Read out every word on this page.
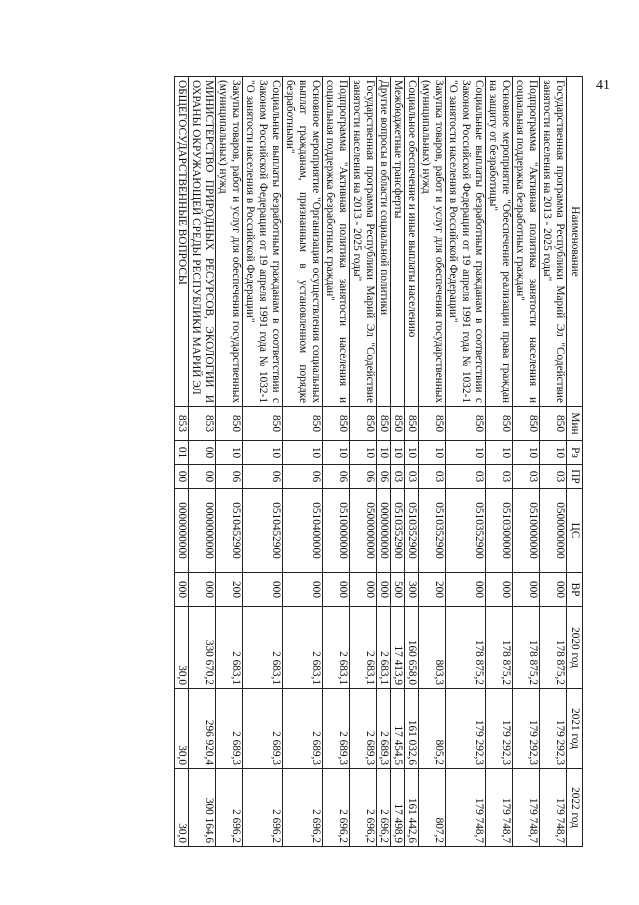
41
Наименование	Мин	Рз	ПР	ЦС	ВР	2020 год	2021 год	2022 год
Государственная программа Республики Марий Эл "Содействие занятости населения на 2013 - 2025 годы"	850	10	03	0500000000	000	178 875,2	179 292,3	179 748,7
Подпрограмма "Активная политика занятости населения и социальная поддержка безработных граждан"	850	10	03	0510000000	000	178 875,2	179 292,3	179 748,7
Основное мероприятие "Обеспечение реализации права граждан на защиту от безработицы"	850	10	03	0510300000	000	178 875,2	179 292,3	179 748,7
Социальные выплаты безработным гражданам в соответствии с Законом Российской Федерации от 19 апреля 1991 года № 1032-1 "О занятости населения в Российской Федерации"	850	10	03	0510352900	000	178 875,2	179 292,3	179 748,7
Закупка товаров, работ и услуг для обеспечения государственных (муниципальных) нужд	850	10	03	0510352900	200	803,3	805,2	807,2
Социальное обеспечение и иные выплаты населению	850	10	03	0510352900	300	160 658,0	161 032,6	161 442,6
Межбюджетные трансферты	850	10	03	0510352900	500	17 413,9	17 454,5	17 498,9
Другие вопросы в области социальной политики	850	10	06	0000000000	000	2 683,1	2 689,3	2 696,2
Государственная программа Республики Марий Эл "Содействие занятости населения на 2013 - 2025 годы"	850	10	06	0500000000	000	2 683,1	2 689,3	2 696,2
Подпрограмма "Активная политика занятости населения и социальная поддержка безработных граждан"	850	10	06	0510000000	000	2 683,1	2 689,3	2 696,2
Основное мероприятие "Организация осуществления социальных выплат гражданам, признанным в установленном порядке безработными"	850	10	06	0510400000	000	2 683,1	2 689,3	2 696,2
Социальные выплаты безработным гражданам в соответствии с Законом Российской Федерации от 19 апреля 1991 года № 1032-1 "О занятости населения в Российской Федерации"	850	10	06	0510452900	000	2 683,1	2 689,3	2 696,2
Закупка товаров, работ и услуг для обеспечения государственных (муниципальных) нужд	850	10	06	0510452900	200	2 683,1	2 689,3	2 696,2
МИНИСТЕРСТВО ПРИРОДНЫХ РЕСУРСОВ, ЭКОЛОГИИ И ОХРАНЫ ОКРУЖАЮЩЕЙ СРЕДЫ РЕСПУБЛИКИ МАРИЙ ЭЛ	853	00	00	0000000000	000	330 670,2	296 920,4	300 164,6
ОБЩЕГОСУДАРСТВЕННЫЕ ВОПРОСЫ	853	01	00	0000000000	000	30,0	30,0	30,0
